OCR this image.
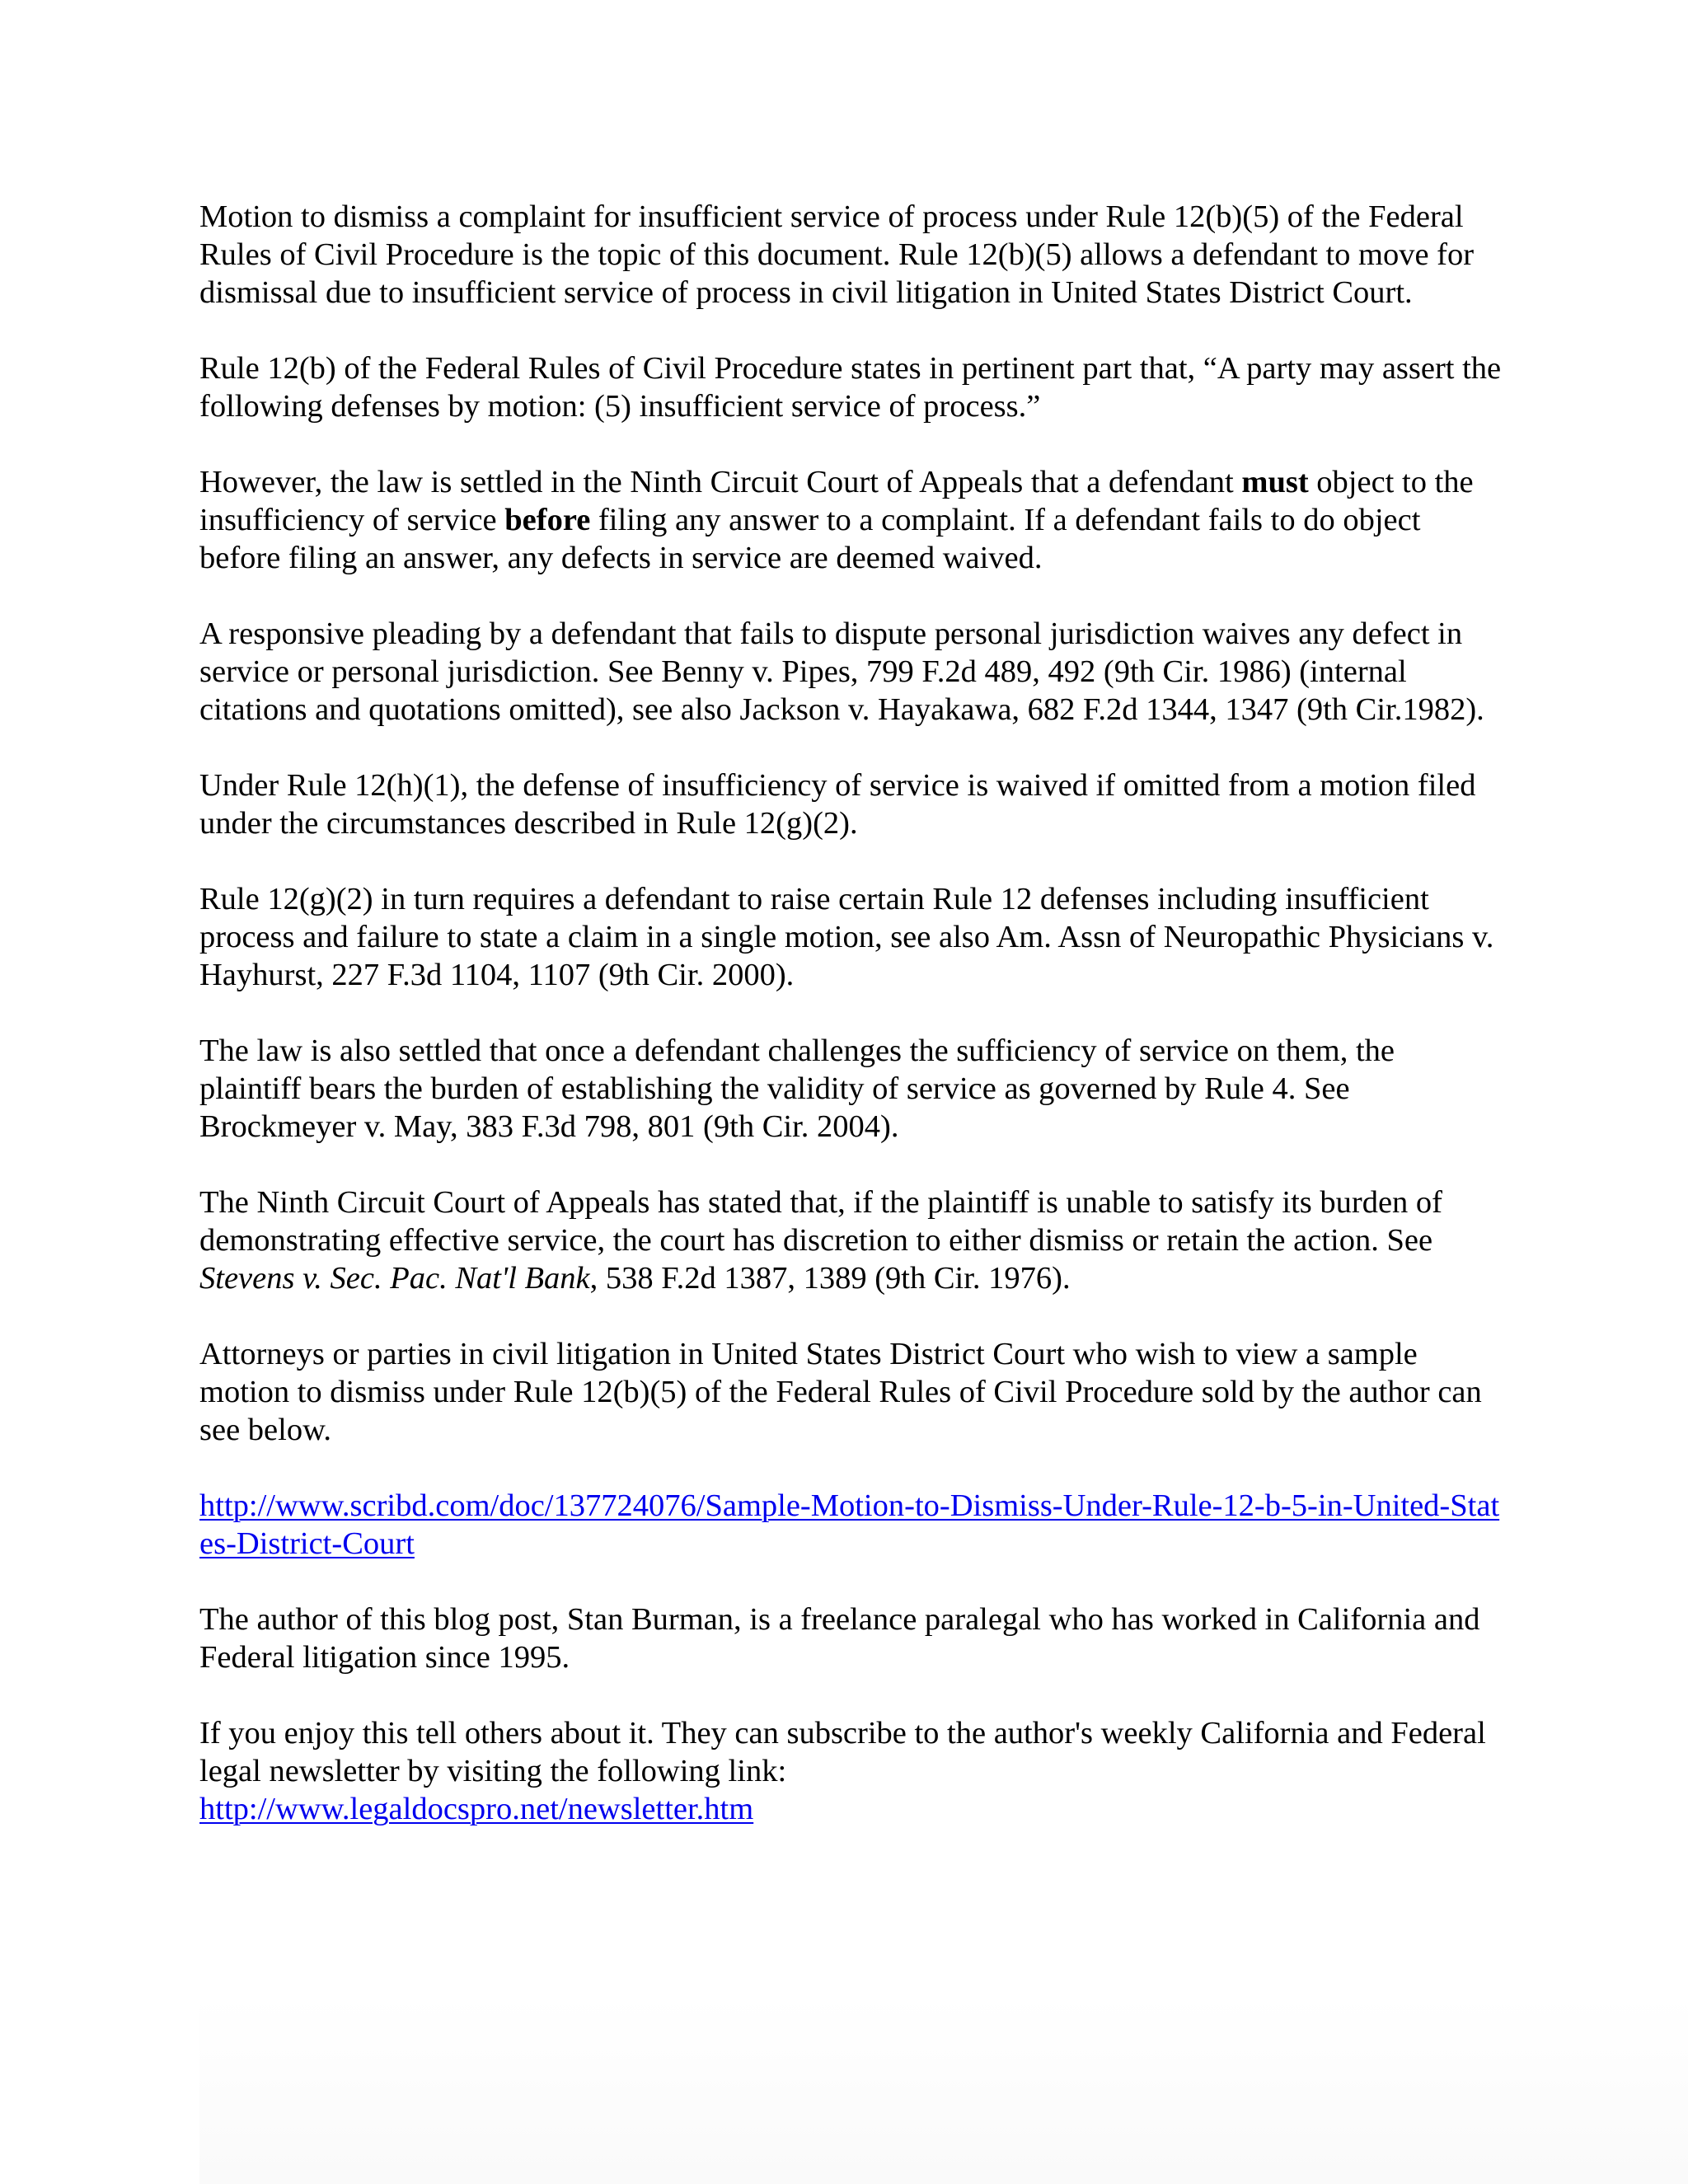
Motion to dismiss a complaint for insufficient service of process under Rule 12(b)(5) of the Federal Rules of Civil Procedure is the topic of this document. Rule 12(b)(5) allows a defendant to move for dismissal due to insufficient service of process in civil litigation in United States District Court.

Rule 12(b) of the Federal Rules of Civil Procedure states in pertinent part that, “A party may assert the following defenses by motion: (5) insufficient service of process.”

However, the law is settled in the Ninth Circuit Court of Appeals that a defendant must object to the insufficiency of service before filing any answer to a complaint. If a defendant fails to do object before filing an answer, any defects in service are deemed waived.

A responsive pleading by a defendant that fails to dispute personal jurisdiction waives any defect in service or personal jurisdiction. See Benny v. Pipes, 799 F.2d 489, 492 (9th Cir. 1986) (internal citations and quotations omitted), see also Jackson v. Hayakawa, 682 F.2d 1344, 1347 (9th Cir.1982).

Under Rule 12(h)(1), the defense of insufficiency of service is waived if omitted from a motion filed under the circumstances described in Rule 12(g)(2).

Rule 12(g)(2) in turn requires a defendant to raise certain Rule 12 defenses including insufficient process and failure to state a claim in a single motion, see also Am. Assn of Neuropathic Physicians v. Hayhurst, 227 F.3d 1104, 1107 (9th Cir. 2000).

The law is also settled that once a defendant challenges the sufficiency of service on them, the plaintiff bears the burden of establishing the validity of service as governed by Rule 4. See Brockmeyer v. May, 383 F.3d 798, 801 (9th Cir. 2004).

The Ninth Circuit Court of Appeals has stated that, if the plaintiff is unable to satisfy its burden of demonstrating effective service, the court has discretion to either dismiss or retain the action. See Stevens v. Sec. Pac. Nat'l Bank, 538 F.2d 1387, 1389 (9th Cir. 1976).

Attorneys or parties in civil litigation in United States District Court who wish to view a sample motion to dismiss under Rule 12(b)(5) of the Federal Rules of Civil Procedure sold by the author can see below.

http://www.scribd.com/doc/137724076/Sample-Motion-to-Dismiss-Under-Rule-12-b-5-in-United-States-District-Court

The author of this blog post, Stan Burman, is a freelance paralegal who has worked in California and Federal litigation since 1995.

If you enjoy this tell others about it. They can subscribe to the author's weekly California and Federal legal newsletter by visiting the following link:

http://www.legaldocspro.net/newsletter.htm
